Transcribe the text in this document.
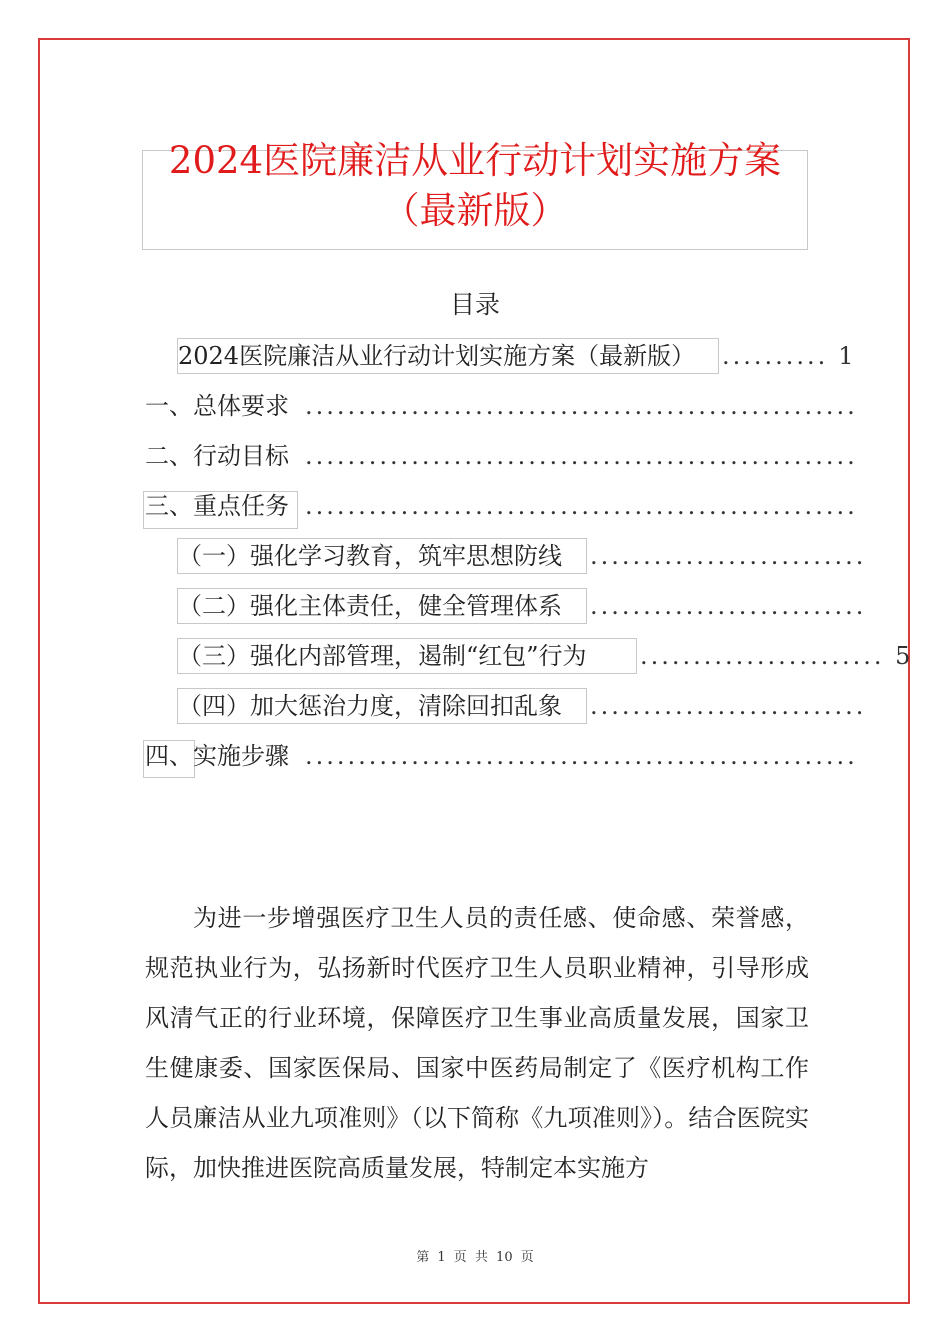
2024医院廉洁从业行动计划实施方案
（最新版）
目录
2024医院廉洁从业行动计划实施方案（最新版）	.......... 1
一、总体要求 ....................................................
二、行动目标 ....................................................
三、重点任务 ....................................................
（一）强化学习教育，筑牢思想防线	..........................
（二）强化主体责任，健全管理体系	..........................
（三）强化内部管理，遏制“红包”行为	....................... 5
（四）加大惩治力度，清除回扣乱象	..........................
四、实施步骤 ....................................................

为进一步增强医疗卫生人员的责任感、使命感、荣誉感，规范执业行为，弘扬新时代医疗卫生人员职业精神，引导形成风清气正的行业环境，保障医疗卫生事业高质量发展，国家卫生健康委、国家医保局、国家中医药局制定了《医疗机构工作人员廉洁从业九项准则》（以下简称《九项准则》）。结合医院实际，加快推进医院高质量发展，特制定本实施方

第 1 页 共 10 页
